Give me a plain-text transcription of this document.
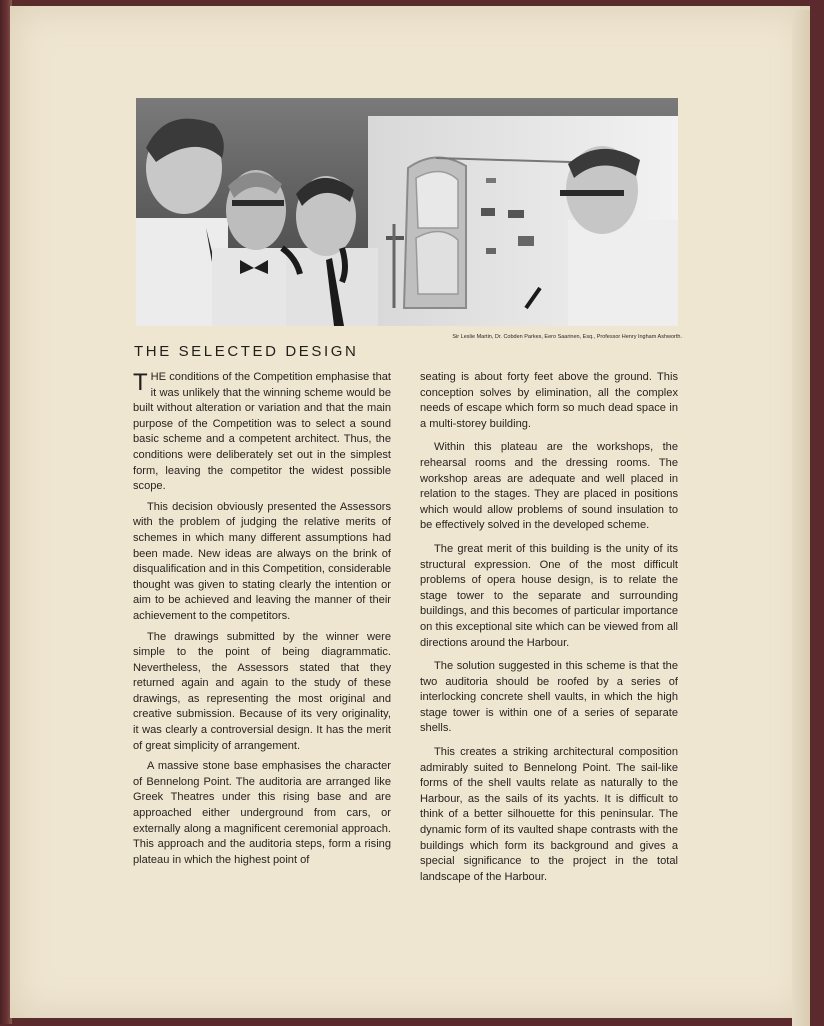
Sir Leslie Martin, Dr. Cobden Parkes, Eero Saarinen, Esq., Professor Henry Ingham Ashworth.
THE SELECTED DESIGN

THE conditions of the Competition emphasise that it was unlikely that the winning scheme would be built without alteration or variation and that the main purpose of the Competition was to select a sound basic scheme and a competent architect. Thus, the conditions were deliberately set out in the simplest form, leaving the competitor the widest possible scope.

This decision obviously presented the Assessors with the problem of judging the relative merits of schemes in which many different assumptions had been made. New ideas are always on the brink of disqualification and in this Competition, considerable thought was given to stating clearly the intention or aim to be achieved and leaving the manner of their achievement to the competitors.

The drawings submitted by the winner were simple to the point of being diagrammatic. Nevertheless, the Assessors stated that they returned again and again to the study of these drawings, as representing the most original and creative submission. Because of its very originality, it was clearly a controversial design. It has the merit of great simplicity of arrangement.

A massive stone base emphasises the character of Bennelong Point. The auditoria are arranged like Greek Theatres under this rising base and are approached either underground from cars, or externally along a magnificent ceremonial approach. This approach and the auditoria steps, form a rising plateau in which the highest point of

seating is about forty feet above the ground. This conception solves by elimination, all the complex needs of escape which form so much dead space in a multi-storey building.

Within this plateau are the workshops, the rehearsal rooms and the dressing rooms. The workshop areas are adequate and well placed in relation to the stages. They are placed in positions which would allow problems of sound insulation to be effectively solved in the developed scheme.

The great merit of this building is the unity of its structural expression. One of the most difficult problems of opera house design, is to relate the stage tower to the separate and surrounding buildings, and this becomes of particular importance on this exceptional site which can be viewed from all directions around the Harbour.

The solution suggested in this scheme is that the two auditoria should be roofed by a series of interlocking concrete shell vaults, in which the high stage tower is within one of a series of separate shells.

This creates a striking architectural composition admirably suited to Bennelong Point. The sail-like forms of the shell vaults relate as naturally to the Harbour, as the sails of its yachts. It is difficult to think of a better silhouette for this peninsular. The dynamic form of its vaulted shape contrasts with the buildings which form its background and gives a special significance to the project in the total landscape of the Harbour.
